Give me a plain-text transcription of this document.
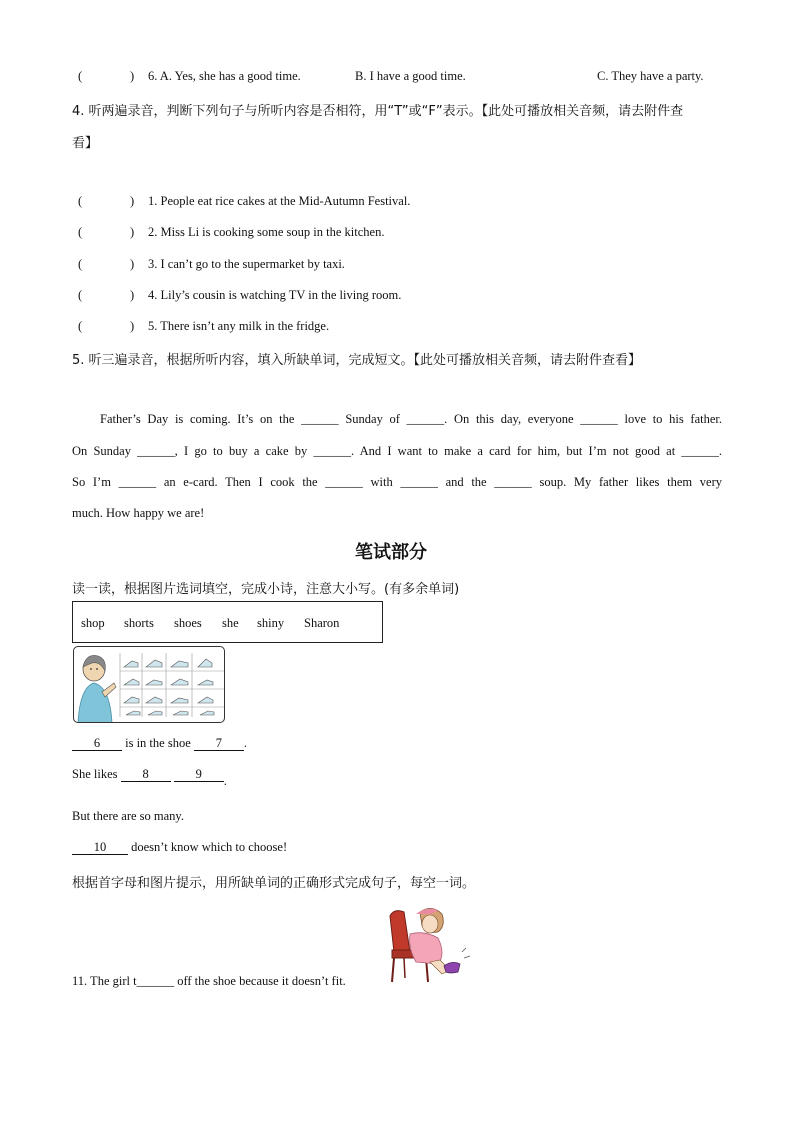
(	) 6. A. Yes, she has a good time.	B. I have a good time.	C. They have a party.
4. 听两遍录音，判断下列句子与所听内容是否相符，用“T”或“F”表示。【此处可播放相关音频，请去附件查
看】
(	) 1. People eat rice cakes at the Mid-Autumn Festival.
(	) 2. Miss Li is cooking some soup in the kitchen.
(	) 3. I can’t go to the supermarket by taxi.
(	) 4. Lily’s cousin is watching TV in the living room.
(	) 5. There isn’t any milk in the fridge.
5. 听三遍录音，根据所听内容，填入所缺单词，完成短文。【此处可播放相关音频，请去附件查看】
Father’s Day is coming. It’s on the ______ Sunday of ______. On this day, everyone ______ love to his father.
On Sunday ______, I go to buy a cake by ______. And I want to make a card for him, but I’m not good at ______.
So I’m ______ an e-card. Then I cook the ______ with ______ and the ______ soup. My father likes them very
much. How happy we are!
笔试部分
读一读，根据图片选词填空，完成小诗，注意大小写。(有多余单词)
shop shorts shoes she shiny Sharon
6 is in the shoe 7 .
She likes 8	9 .
But there are so many.
10 doesn’t know which to choose!
根据首字母和图片提示，用所缺单词的正确形式完成句子，每空一词。
11. The girl t______ off the shoe because it doesn’t fit.
